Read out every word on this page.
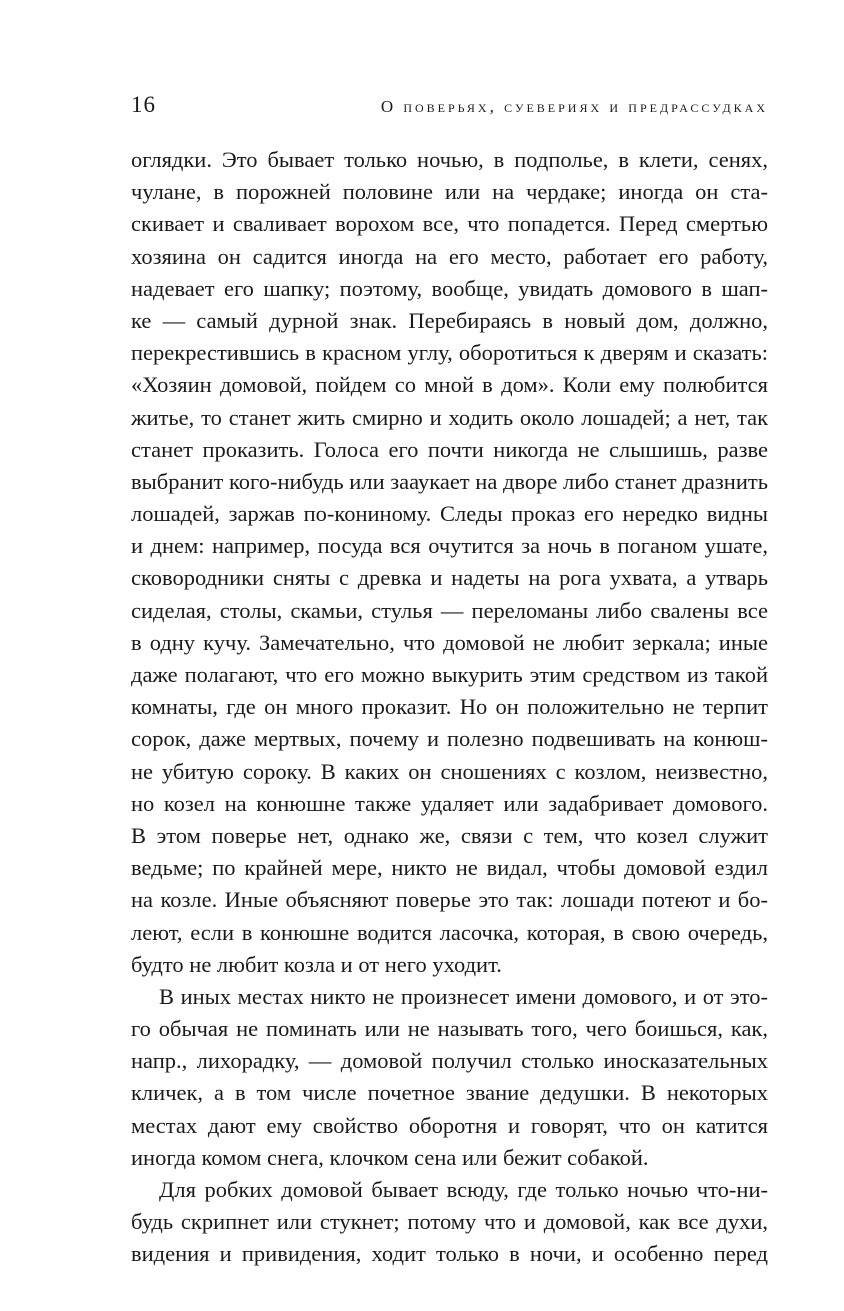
16	О поверьях, суевериях и предрассудках
оглядки. Это бывает только ночью, в подполье, в клети, сенях,
чулане, в порожней половине или на чердаке; иногда он ста-
скивает и сваливает ворохом все, что попадется. Перед смертью
хозяина он садится иногда на его место, работает его работу,
надевает его шапку; поэтому, вообще, увидать домового в шап-
ке — самый дурной знак. Перебираясь в новый дом, должно,
перекрестившись в красном углу, оборотиться к дверям и сказать:
«Хозяин домовой, пойдем со мной в дом». Коли ему полюбится
житье, то станет жить смирно и ходить около лошадей; а нет, так
станет проказить. Голоса его почти никогда не слышишь, разве
выбранит кого-нибудь или зааукает на дворе либо станет дразнить
лошадей, заржав по-кониному. Следы проказ его нередко видны
и днем: например, посуда вся очутится за ночь в поганом ушате,
сковородники сняты с древка и надеты на рога ухвата, а утварь
сиделая, столы, скамьи, стулья — переломаны либо свалены все
в одну кучу. Замечательно, что домовой не любит зеркала; иные
даже полагают, что его можно выкурить этим средством из такой
комнаты, где он много проказит. Но он положительно не терпит
сорок, даже мертвых, почему и полезно подвешивать на конюш-
не убитую сороку. В каких он сношениях с козлом, неизвестно,
но козел на конюшне также удаляет или задабривает домового.
В этом поверье нет, однако же, связи с тем, что козел служит
ведьме; по крайней мере, никто не видал, чтобы домовой ездил
на козле. Иные объясняют поверье это так: лошади потеют и бо-
леют, если в конюшне водится ласочка, которая, в свою очередь,
будто не любит козла и от него уходит.
В иных местах никто не произнесет имени домового, и от это-
го обычая не поминать или не называть того, чего боишься, как,
напр., лихорадку, — домовой получил столько иносказательных
кличек, а в том числе почетное звание дедушки. В некоторых
местах дают ему свойство оборотня и говорят, что он катится
иногда комом снега, клочком сена или бежит собакой.
Для робких домовой бывает всюду, где только ночью что-ни-
будь скрипнет или стукнет; потому что и домовой, как все духи,
видения и привидения, ходит только в ночи, и особенно перед
